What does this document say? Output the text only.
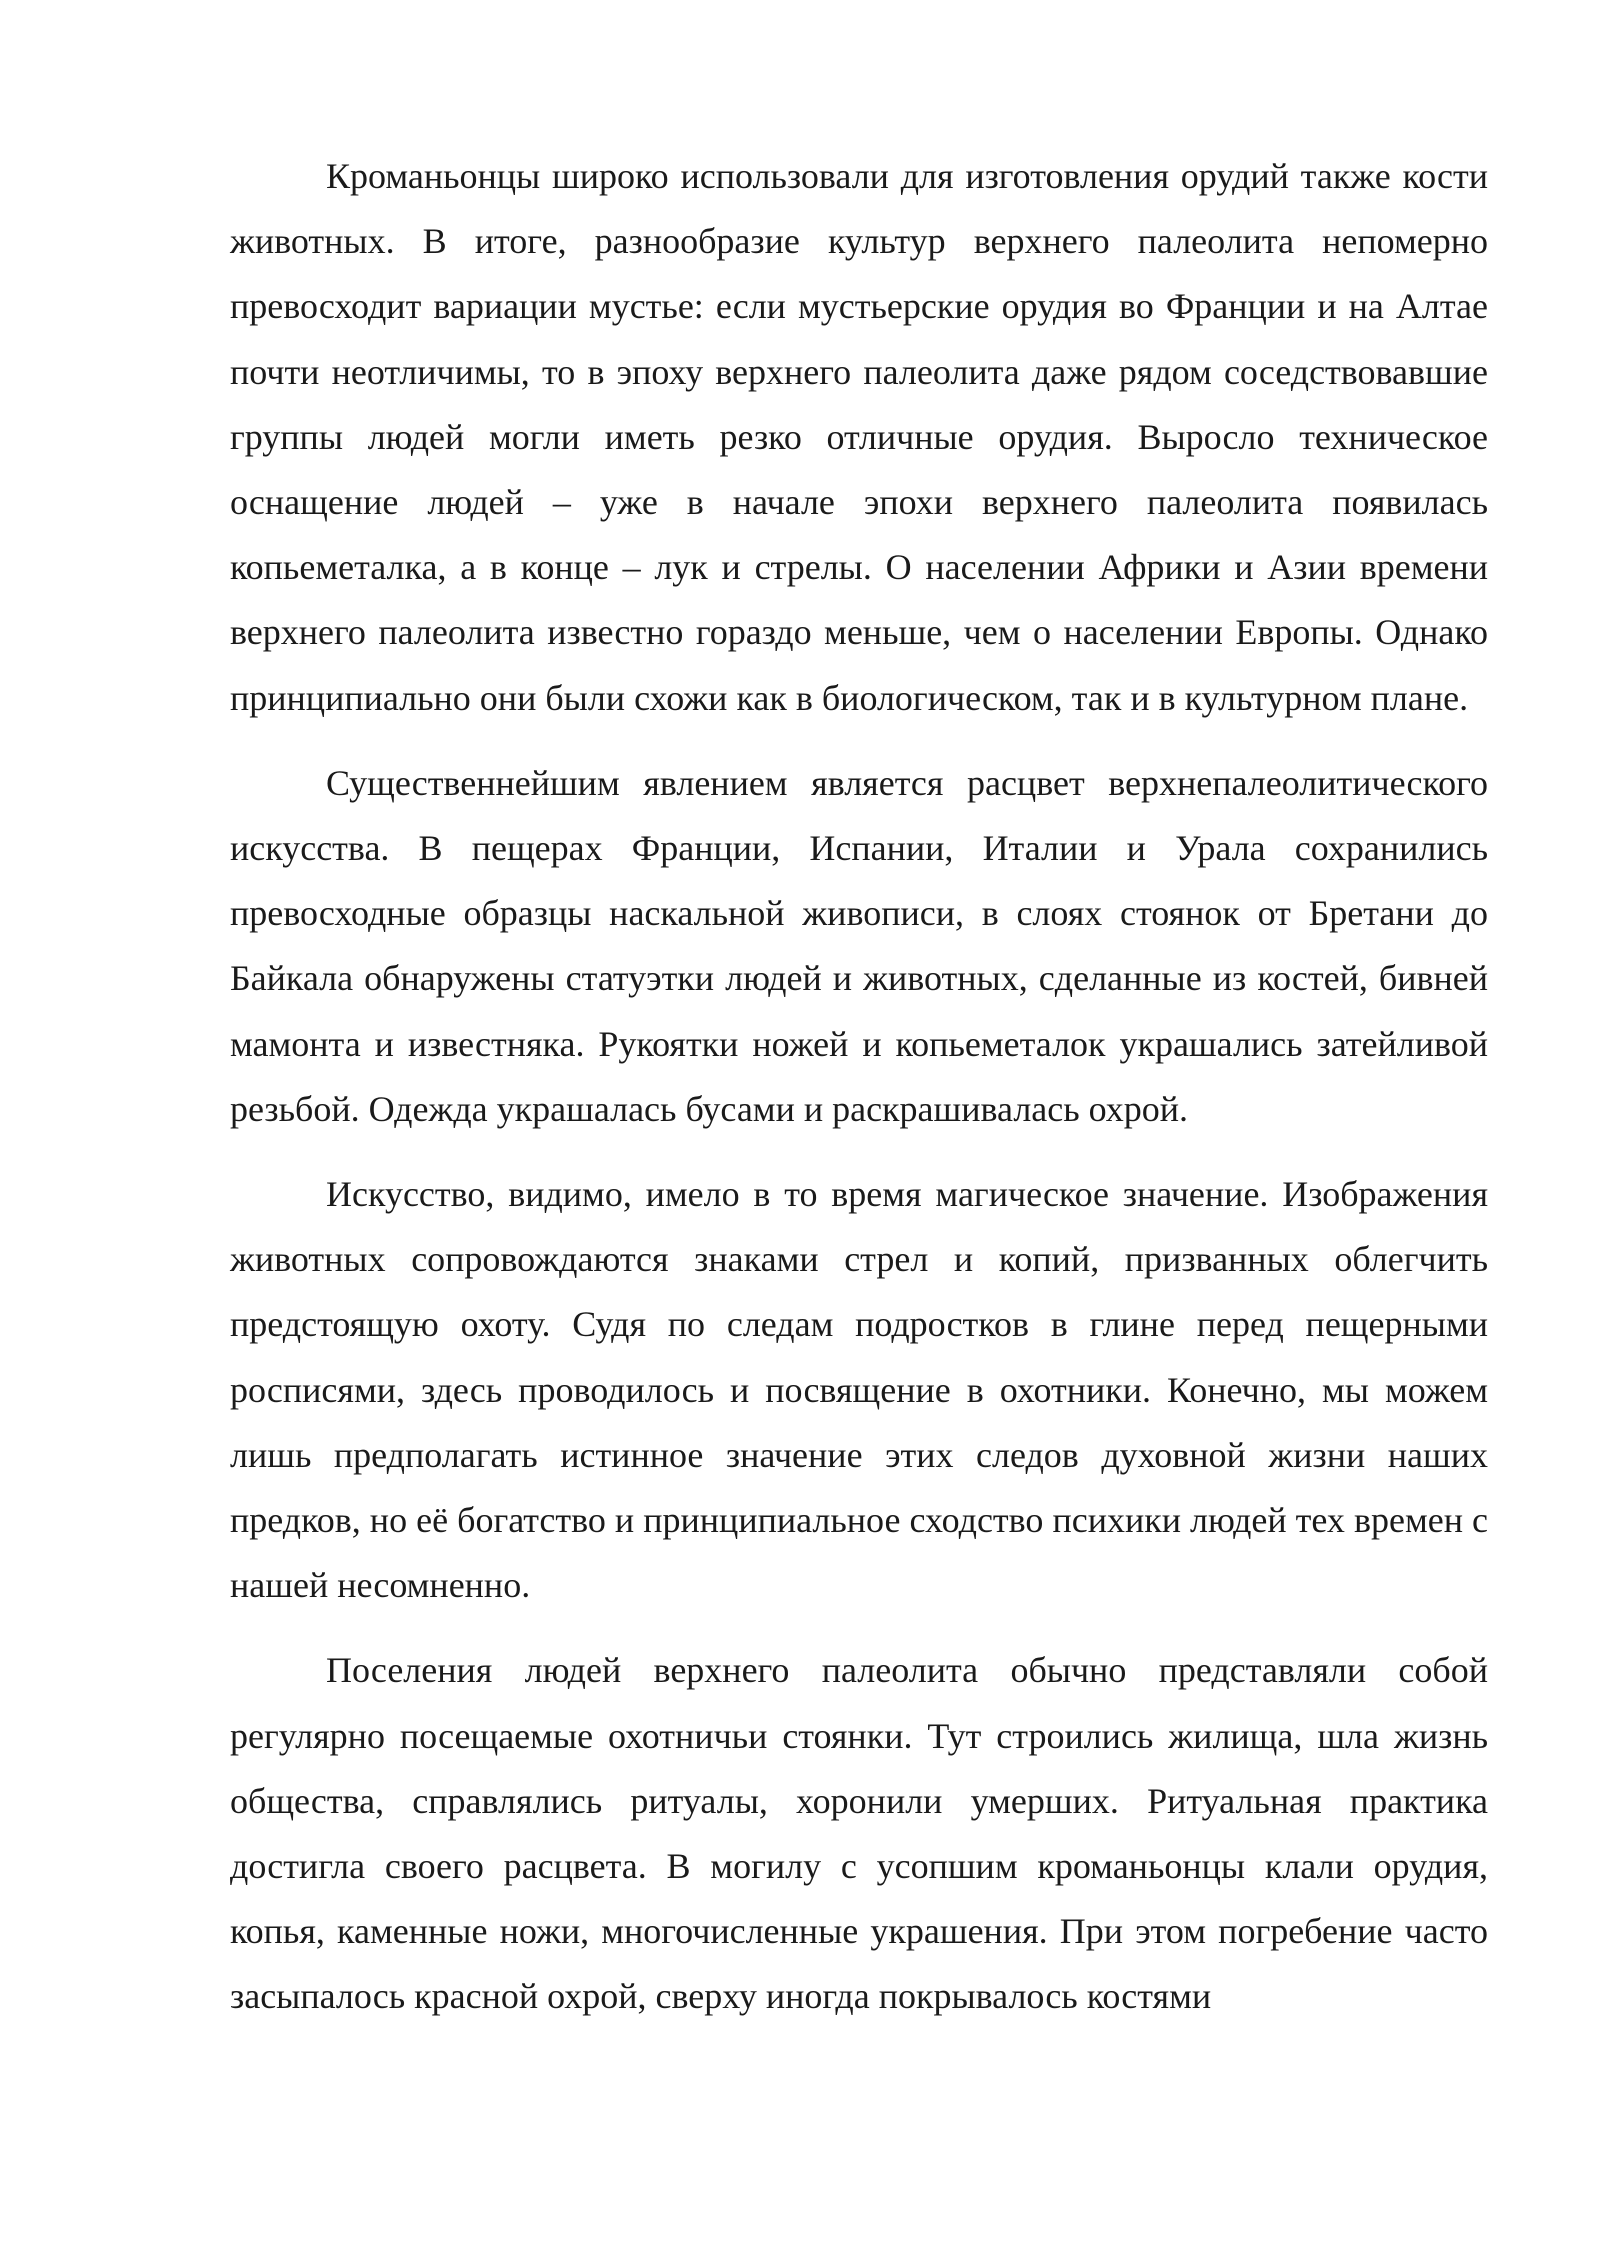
Кроманьонцы широко использовали для изготовления орудий также кости животных. В итоге, разнообразие культур верхнего палеолита непомерно превосходит вариации мустье: если мустьерские орудия во Франции и на Алтае почти неотличимы, то в эпоху верхнего палеолита даже рядом соседствовавшие группы людей могли иметь резко отличные орудия. Выросло техническое оснащение людей – уже в начале эпохи верхнего палеолита появилась копьеметалка, а в конце – лук и стрелы. О населении Африки и Азии времени верхнего палеолита известно гораздо меньше, чем о населении Европы. Однако принципиально они были схожи как в биологическом, так и в культурном плане.

Существеннейшим явлением является расцвет верхнепалеолитического искусства. В пещерах Франции, Испании, Италии и Урала сохранились превосходные образцы наскальной живописи, в слоях стоянок от Бретани до Байкала обнаружены статуэтки людей и животных, сделанные из костей, бивней мамонта и известняка. Рукоятки ножей и копьеметалок украшались затейливой резьбой. Одежда украшалась бусами и раскрашивалась охрой.

Искусство, видимо, имело в то время магическое значение. Изображения животных сопровождаются знаками стрел и копий, призванных облегчить предстоящую охоту. Судя по следам подростков в глине перед пещерными росписями, здесь проводилось и посвящение в охотники. Конечно, мы можем лишь предполагать истинное значение этих следов духовной жизни наших предков, но её богатство и принципиальное сходство психики людей тех времен с нашей несомненно.

Поселения людей верхнего палеолита обычно представляли собой регулярно посещаемые охотничьи стоянки. Тут строились жилища, шла жизнь общества, справлялись ритуалы, хоронили умерших. Ритуальная практика достигла своего расцвета. В могилу с усопшим кроманьонцы клали орудия, копья, каменные ножи, многочисленные украшения. При этом погребение часто засыпалось красной охрой, сверху иногда покрывалось костями
